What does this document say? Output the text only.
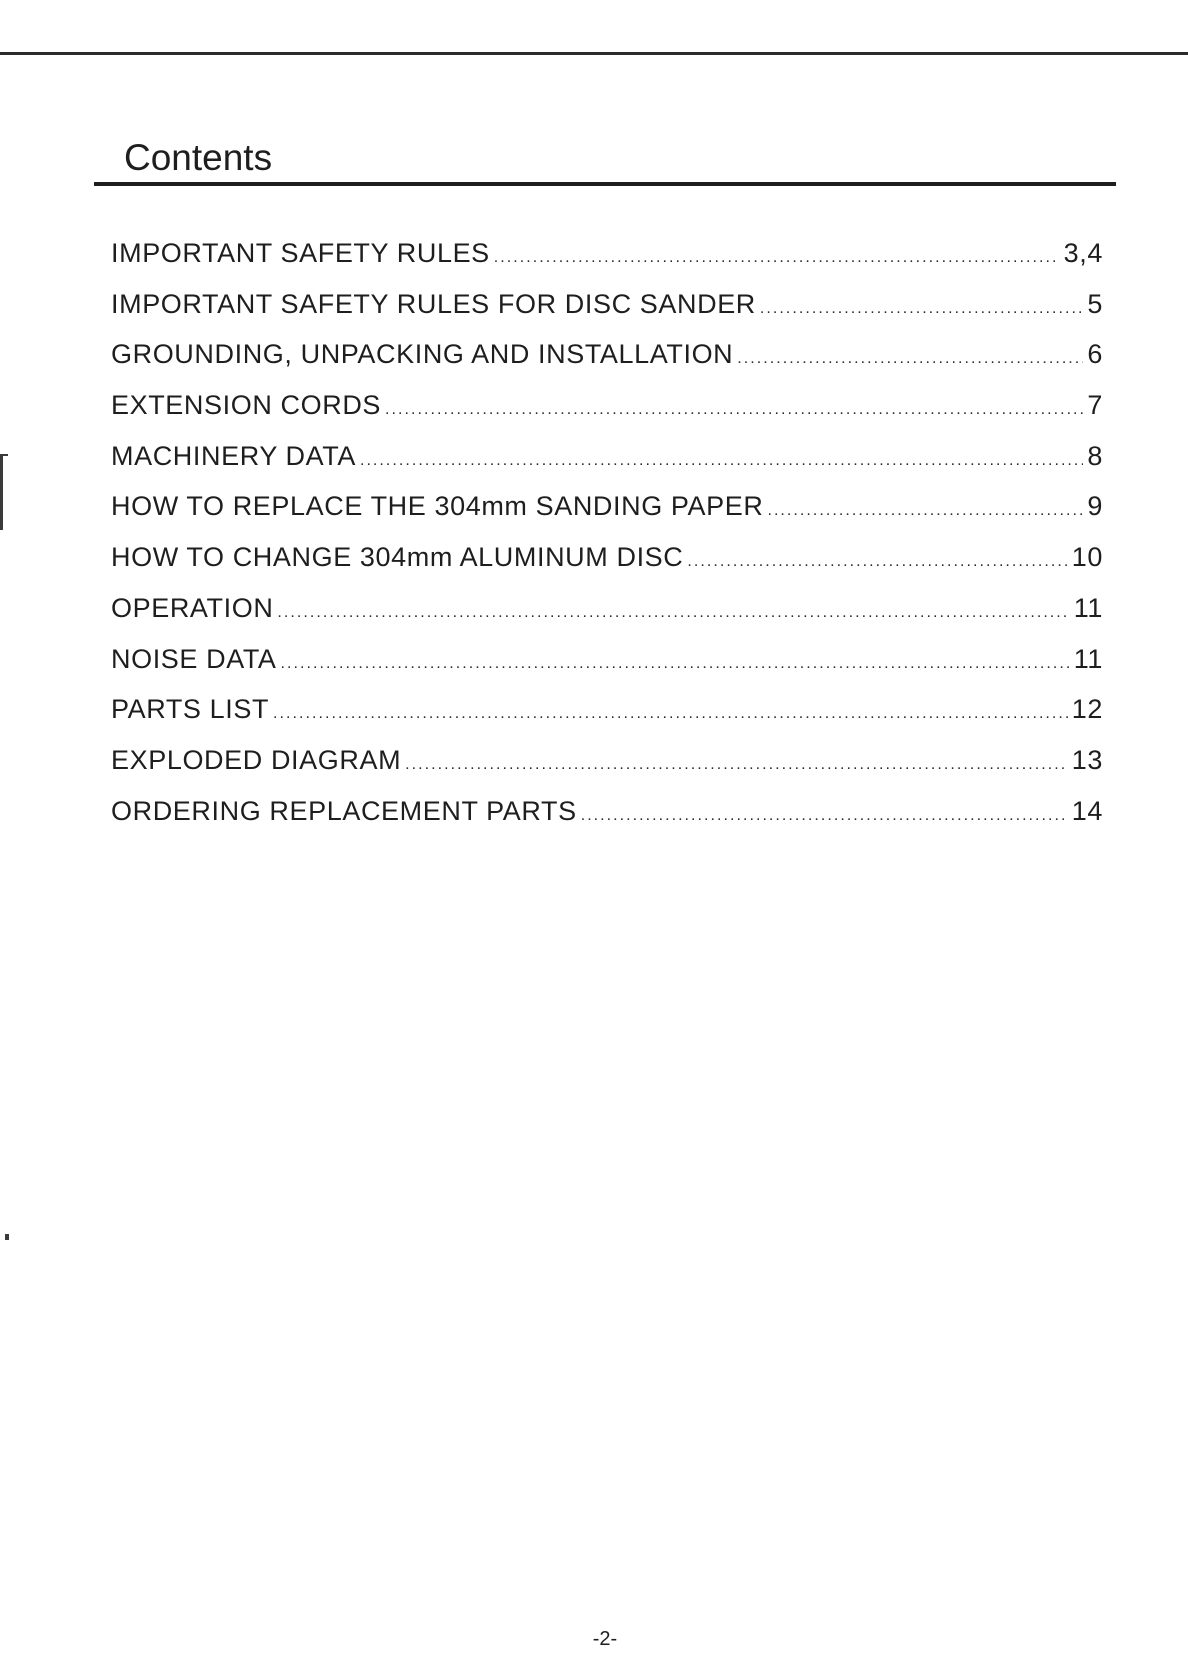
Contents
IMPORTANT SAFETY RULES . . .	3,4
IMPORTANT SAFETY RULES FOR DISC SANDER . . .	5
GROUNDING, UNPACKING AND INSTALLATION . . .	6
EXTENSION CORDS . . .	7
MACHINERY DATA . . .	8
HOW TO REPLACE THE 304mm SANDING PAPER . . .	9
HOW TO CHANGE 304mm ALUMINUM DISC . . .	10
OPERATION . . .	11
NOISE DATA . . .	11
PARTS LIST . . .	12
EXPLODED DIAGRAM . . .	13
ORDERING REPLACEMENT PARTS . . .	14
-2-
